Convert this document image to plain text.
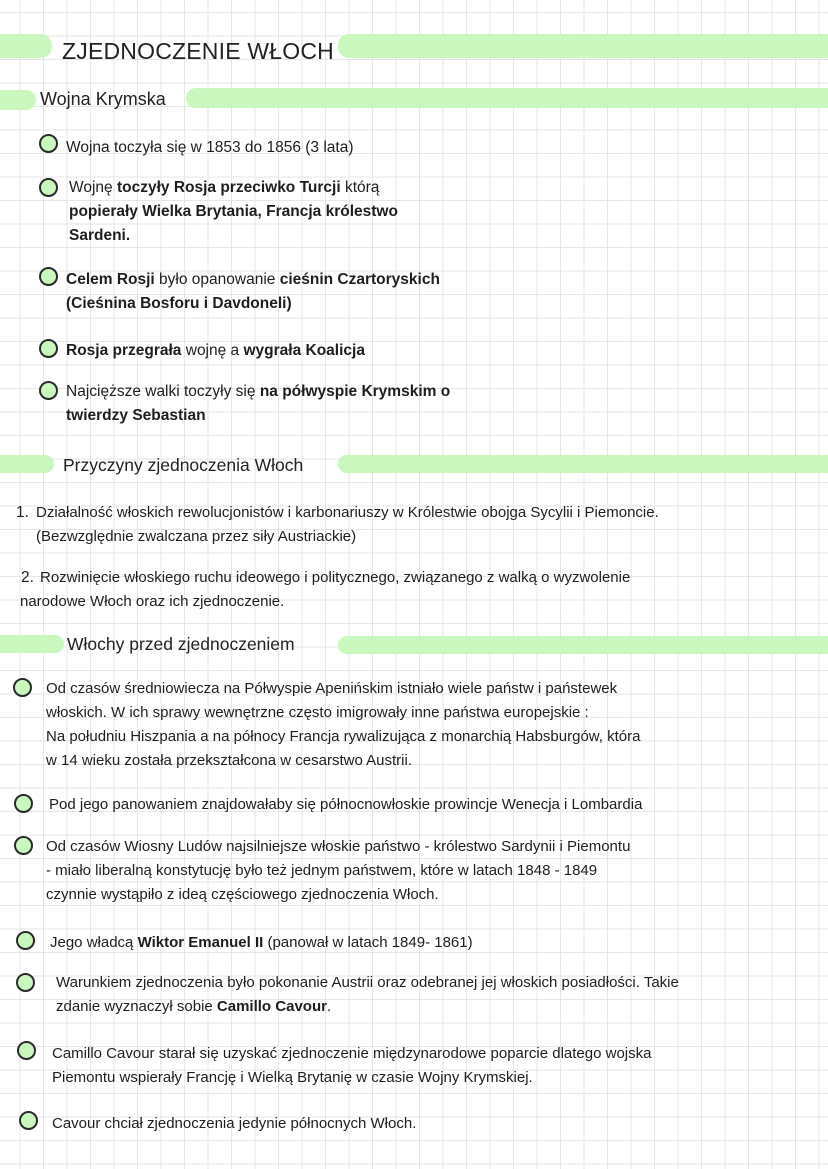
ZJEDNOCZENIE WŁOCH
Wojna Krymska
Wojna toczyła się w 1853 do 1856 (3 lata)
Wojnę toczyły Rosja przeciwko Turcji którą
popierały Wielka Brytania, Francja królestwo
Sardeni.
Celem Rosji było opanowanie cieśnin Czartoryskich
(Cieśnina Bosforu i Davdoneli)
Rosja przegrała wojnę a wygrała Koalicja
Najcięższe walki toczyły się na półwyspie Krymskim o
twierdzy Sebastian
Przyczyny zjednoczenia Włoch
1. Działalność włoskich rewolucjonistów i karbonariuszy w Królestwie obojga Sycylii i Piemoncie.
(Bezwzględnie zwalczana przez siły Austriackie)
2. Rozwinięcie włoskiego ruchu ideowego i politycznego, związanego z walką o wyzwolenie
narodowe Włoch oraz ich zjednoczenie.
Włochy przed zjednoczeniem
Od czasów średniowiecza na Półwyspie Apenińskim istniało wiele państw i państewek
włoskich. W ich sprawy wewnętrzne często imigrowały inne państwa europejskie :
Na południu Hiszpania a na północy Francja rywalizująca z monarchią Habsburgów, która
w 14 wieku została przekształcona w cesarstwo Austrii.
Pod jego panowaniem znajdowałaby się północnowłoskie prowincje Wenecja i Lombardia
Od czasów Wiosny Ludów najsilniejsze włoskie państwo - królestwo Sardynii i Piemontu
- miało liberalną konstytucję było też jednym państwem, które w latach 1848 - 1849
czynnie wystąpiło z ideą częściowego zjednoczenia Włoch.
Jego władcą Wiktor Emanuel II (panował w latach 1849- 1861)
Warunkiem zjednoczenia było pokonanie Austrii oraz odebranej jej włoskich posiadłości. Takie
zdanie wyznaczył sobie Camillo Cavour.
Camillo Cavour starał się uzyskać zjednoczenie międzynarodowe poparcie dlatego wojska
Piemontu wspierały Francję i Wielką Brytanię w czasie Wojny Krymskiej.
Cavour chciał zjednoczenia jedynie północnych Włoch.
